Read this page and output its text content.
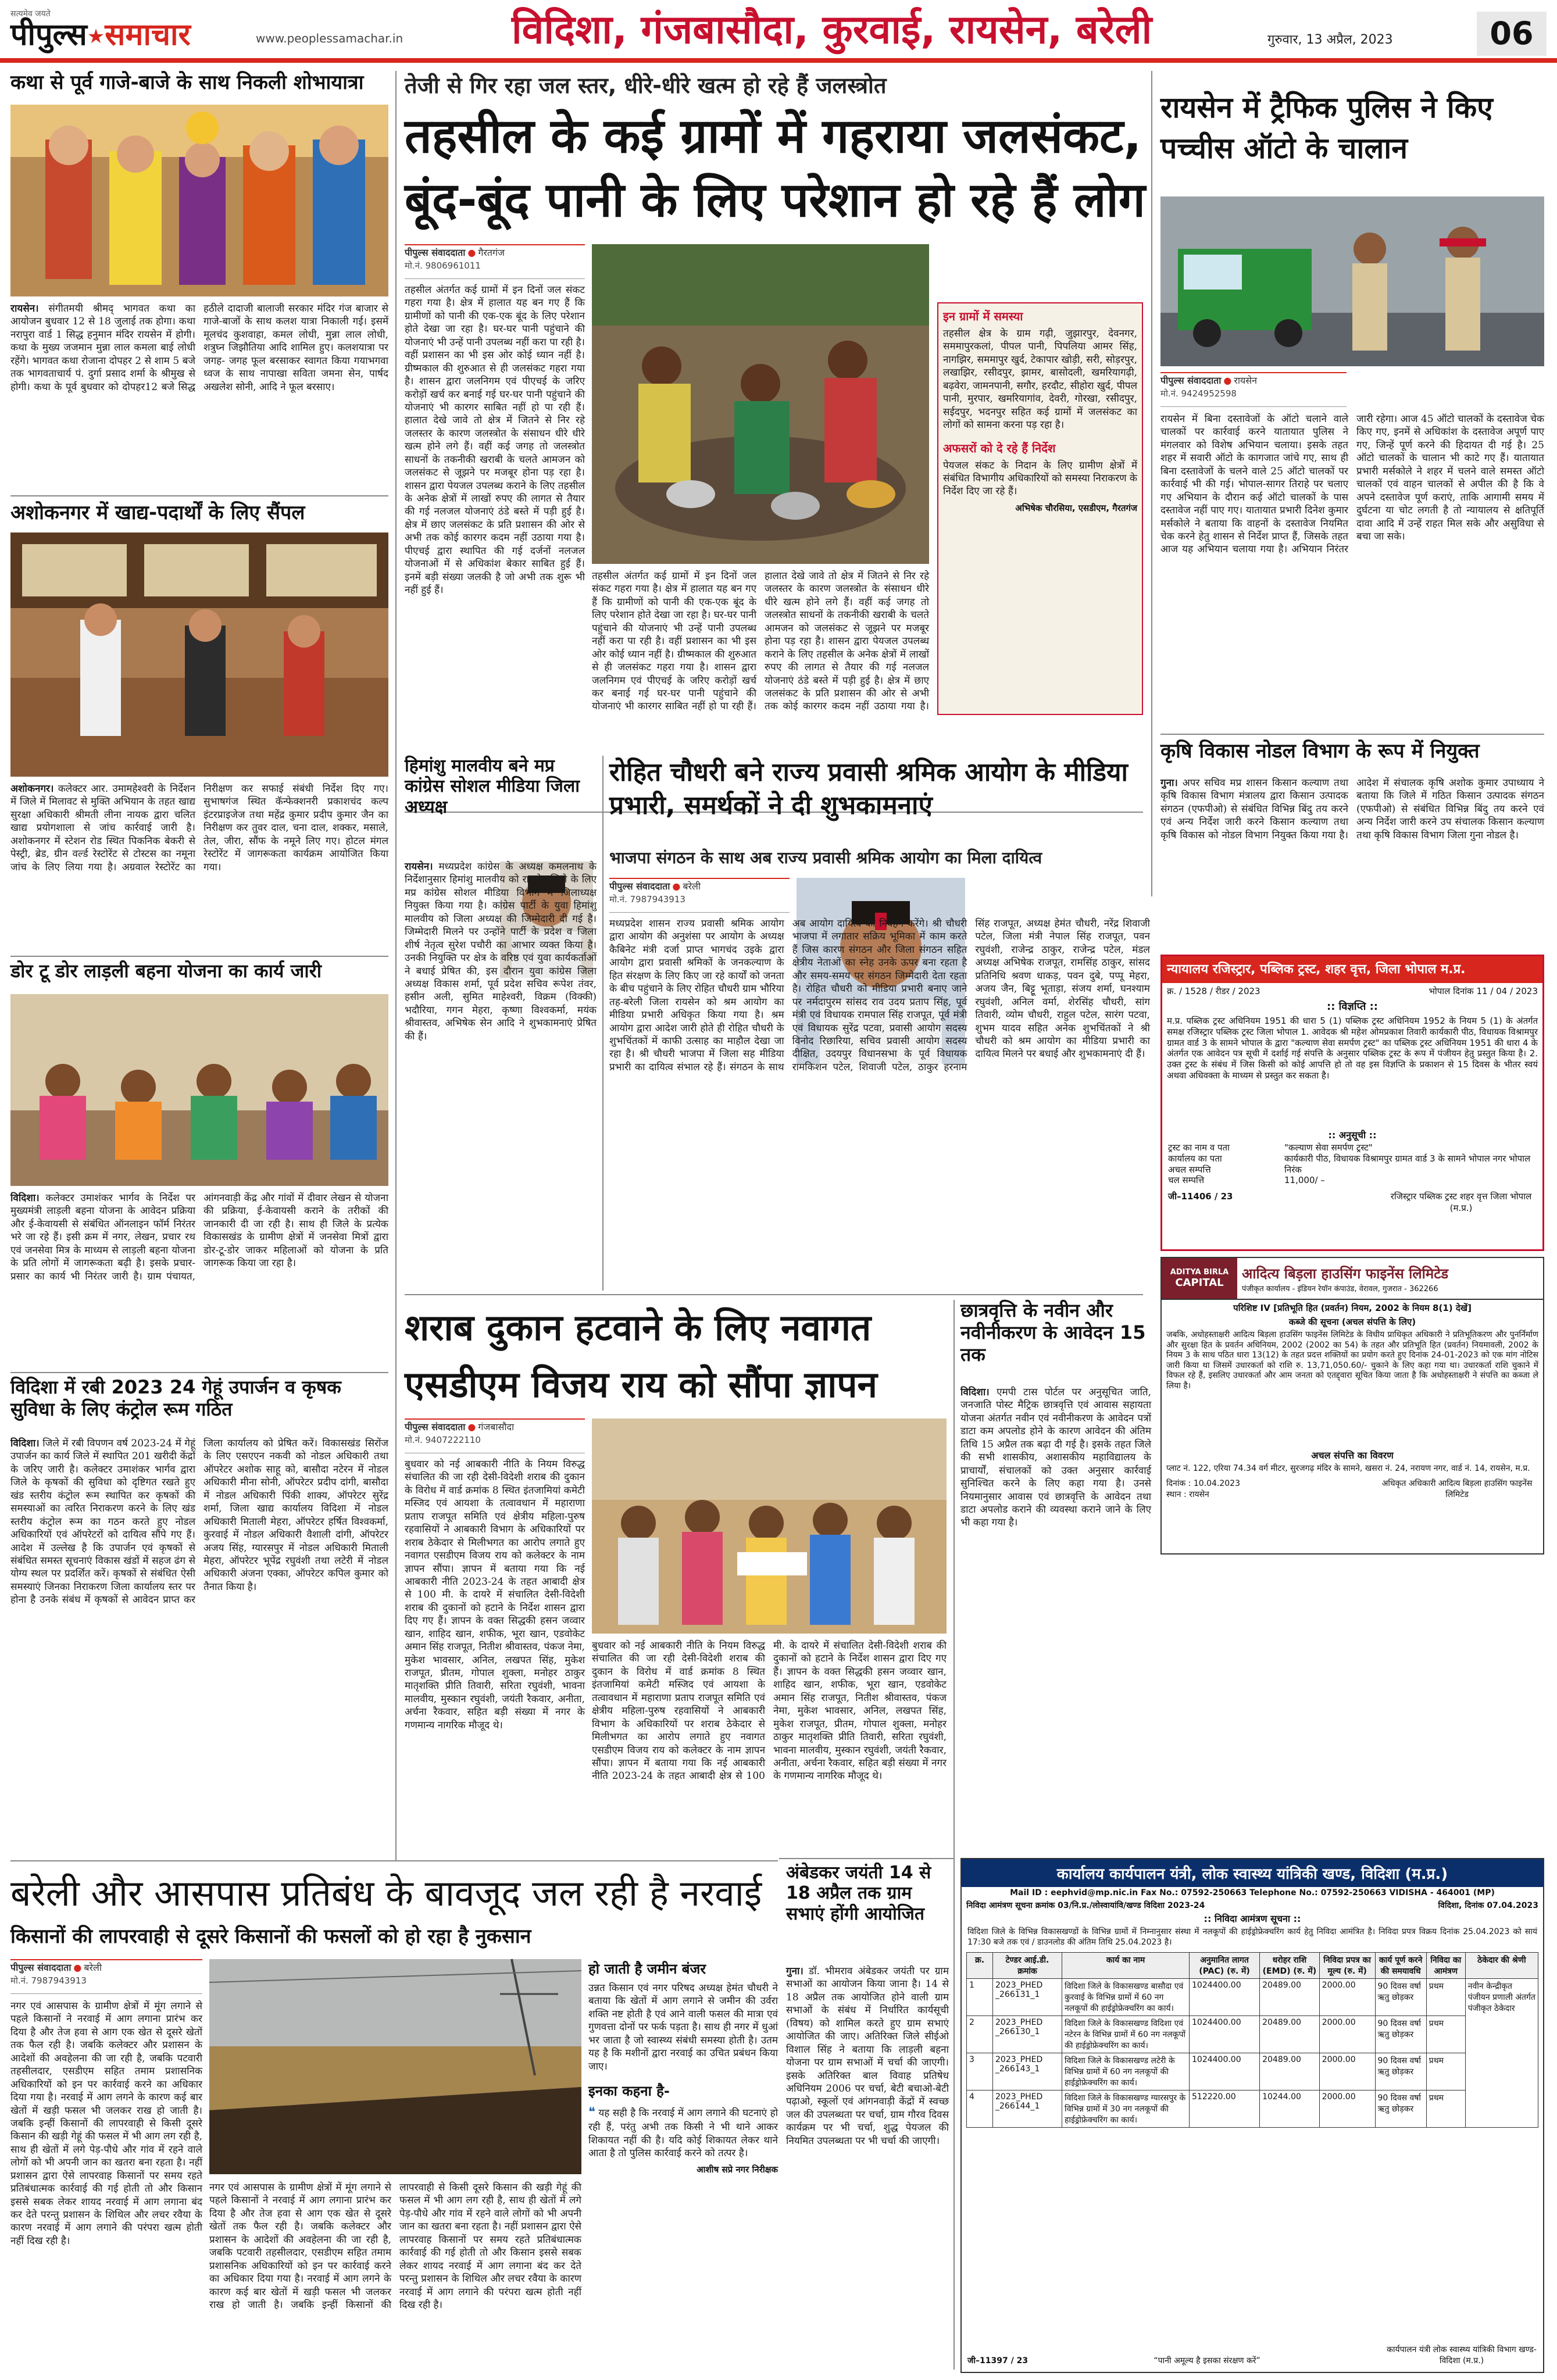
सत्यमेव जयते
पीपुल्स★समाचार	www.peoplessamachar.in	विदिशा, गंजबासौदा, कुरवाई, रायसेन, बरेली	गुरुवार, 13 अप्रैल, 2023	06
कथा से पूर्व गाजे-बाजे के साथ निकली शोभायात्रा
रायसेन। संगीतमयी श्रीमद् भागवत कथा का आयोजन बुधवार 12 से 18 जुलाई तक होगा। कथा नरापुरा वार्ड 1 सिद्ध हनुमान मंदिर रायसेन में होगी। कथा के मुख्य जजमान मुन्ना लाल कमला बाई लोधी रहेंगे। भागवत कथा रोजाना दोपहर 2 से शाम 5 बजे तक भागवताचार्य पं. दुर्गा प्रसाद शर्मा के श्रीमुख से होगी। कथा के पूर्व बुधवार को दोपहर12 बजे सिद्ध हठीले दादाजी बालाजी सरकार मंदिर गंज बाजार से गाजे-बाजों के साथ कलश यात्रा निकाली गई। इसमें मूलचंद कुशवाहा, कमल लोधी, मुन्ना लाल लोधी, शत्रुघ्न जिझौतिया आदि शामिल हुए। कलशयात्रा पर जगह- जगह फूल बरसाकर स्वागत किया गयाभगवा ध्वज के साथ नापाखा सविता जमना सेन, पार्षद अखलेश सोनी, आदि ने फूल बरसाए।
अशोकनगर में खाद्य-पदार्थों के लिए सैंपल
अशोकनगर। कलेक्टर आर. उमामहेश्वरी के निर्देशन में जिले में मिलावट से मुक्ति अभियान के तहत खाद्य सुरक्षा अधिकारी श्रीमती लीना नायक द्वारा चलित खाद्य प्रयोगशाला से जांच कार्रवाई जारी है। अशोकनगर में स्टेशन रोड स्थित पिकनिक बेकरी से पेस्ट्री, ब्रेड, ग्रीन वर्ल्ड रेस्टोरेंट से टोस्टस का नमूना जांच के लिए लिया गया है। अग्रवाल रेस्टोरेंट का निरीक्षण कर सफाई संबंधी निर्देश दिए गए। सुभाषगंज स्थित कॅन्फेक्शनरी प्रकाशचंद कल्प इंटरप्राइजेज तथा महेंद्र कुमार प्रदीप कुमार जैन का निरीक्षण कर तुवर दाल, चना दाल, शक्कर, मसाले, तेल, जीरा, सौंफ के नमूने लिए गए। होटल मंगल रेस्टोरेंट में जागरूकता कार्यक्रम आयोजित किया गया।
डोर टू डोर लाड़ली बहना योजना का कार्य जारी
विदिशा। कलेक्टर उमाशंकर भार्गव के निर्देश पर मुख्यमंत्री लाड़ली बहना योजना के आवेदन प्रक्रिया और ई-केवायसी से संबंधित ऑनलाइन फॉर्म निरंतर भरे जा रहे हैं। इसी क्रम में नगर, लेखन, प्रचार रथ एवं जनसेवा मित्र के माध्यम से लाड़ली बहना योजना के प्रति लोगों में जागरूकता बढ़ी है। इसके प्रचार-प्रसार का कार्य भी निरंतर जारी है। ग्राम पंचायत, आंगनवाड़ी केंद्र और गांवों में दीवार लेखन से योजना की प्रक्रिया, ई-केवायसी कराने के तरीकों की जानकारी दी जा रही है। साथ ही जिले के प्रत्येक विकासखंड के ग्रामीण क्षेत्रों में जनसेवा मित्रों द्वारा डोर-टू-डोर जाकर महिलाओं को योजना के प्रति जागरूक किया जा रहा है।
विदिशा में रबी 2023 24 गेहूं उपार्जन व कृषक सुविधा के लिए कंट्रोल रूम गठित
विदिशा। जिले में रबी विपणन वर्ष 2023-24 में गेहूं उपार्जन का कार्य जिले में स्थापित 201 खरीदी केंद्रों के जरिए जारी है। कलेक्टर उमाशंकर भार्गव द्वारा जिले के कृषकों की सुविधा को दृष्टिगत रखते हुए खंड स्तरीय कंट्रोल रूम स्थापित कर कृषकों की समस्याओं का त्वरित निराकरण करने के लिए खंड स्तरीय कंट्रोल रूम का गठन करते हुए नोडल अधिकारियों एवं ऑपरेटरों को दायित्व सौंपे गए हैं। आदेश में उल्लेख है कि उपार्जन एवं कृषकों से संबंधित समस्त सूचनाएं विकास खंडों में सहज ढंग से योग्य स्थल पर प्रदर्शित करें। कृषकों से संबंधित ऐसी समस्याएं जिनका निराकरण जिला कार्यालय स्तर पर होना है उनके संबंध में कृषकों से आवेदन प्राप्त कर जिला कार्यालय को प्रेषित करें। विकासखंड सिरोंज के लिए एसएएन नकवी को नोडल अधिकारी तथा ऑपरेटर अशोक साहू को, बासौदा नटेरन में नोडल अधिकारी मीना सोनी, ऑपरेटर प्रदीप दांगी, बासौदा में नोडल अधिकारी पिंकी शाक्य, ऑपरेटर सुरेंद्र शर्मा, जिला खाद्य कार्यालय विदिशा में नोडल अधिकारी मिताली मेहरा, ऑपरेटर हर्षित विश्वकर्मा, कुरवाई में नोडल अधिकारी वैशाली दांगी, ऑपरेटर अजय सिंह, ग्यारसपुर में नोडल अधिकारी मिताली मेहरा, ऑपरेटर भूपेंद्र रघुवंशी तथा लटेरी में नोडल अधिकारी अंजना एक्का, ऑपरेटर कपिल कुमार को तैनात किया है।
तेजी से गिर रहा जल स्तर, धीरे-धीरे खत्म हो रहे हैं जलस्त्रोत
तहसील के कई ग्रामों में गहराया जलसंकट,
बूंद-बूंद पानी के लिए परेशान हो रहे हैं लोग
पीपुल्स संवाददाता ● गैरतगंज
मो.नं. 9806961011
तहसील अंतर्गत कई ग्रामों में इन दिनों जल संकट गहरा गया है। क्षेत्र में हालात यह बन गए हैं कि ग्रामीणों को पानी की एक-एक बूंद के लिए परेशान होते देखा जा रहा है। घर-घर पानी पहुंचाने की योजनाएं भी उन्हें पानी उपलब्ध नहीं करा पा रही है। वहीं प्रशासन का भी इस ओर कोई ध्यान नहीं है। ग्रीष्मकाल की शुरुआत से ही जलसंकट गहरा गया है। शासन द्वारा जलनिगम एवं पीएचई के जरिए करोड़ों खर्च कर बनाई गई घर-घर पानी पहुंचाने की योजनाएं भी कारगर साबित नहीं हो पा रही हैं। हालात देखे जावे तो क्षेत्र में जितने से निर रहे जलस्तर के कारण जलस्त्रोत के संसाधन धीरे धीरे खत्म होने लगे हैं। वहीं कई जगह तो जलस्त्रोत साधनों के तकनीकी खराबी के चलते आमजन को जलसंकट से जूझने पर मजबूर होना पड़ रहा है। शासन द्वारा पेयजल उपलब्ध कराने के लिए तहसील के अनेक क्षेत्रों में लाखों रुपए की लागत से तैयार की गई नलजल योजनाएं ठंडे बस्ते में पड़ी हुई है। क्षेत्र में छाए जलसंकट के प्रति प्रशासन की ओर से अभी तक कोई कारगर कदम नहीं उठाया गया है। पीएचई द्वारा स्थापित की गई दर्जनों नलजल योजनाओं में से अधिकांश बेकार साबित हुई हैं। इनमें बड़ी संख्या जलकी है जो अभी तक शुरू भी नहीं हुई हैं।
तहसील अंतर्गत कई ग्रामों में इन दिनों जल संकट गहरा गया है। क्षेत्र में हालात यह बन गए हैं कि ग्रामीणों को पानी की एक-एक बूंद के लिए परेशान होते देखा जा रहा है। घर-घर पानी पहुंचाने की योजनाएं भी उन्हें पानी उपलब्ध नहीं करा पा रही है। वहीं प्रशासन का भी इस ओर कोई ध्यान नहीं है। ग्रीष्मकाल की शुरुआत से ही जलसंकट गहरा गया है। शासन द्वारा जलनिगम एवं पीएचई के जरिए करोड़ों खर्च कर बनाई गई घर-घर पानी पहुंचाने की योजनाएं भी कारगर साबित नहीं हो पा रही हैं। हालात देखे जावे तो क्षेत्र में जितने से निर रहे जलस्तर के कारण जलस्त्रोत के संसाधन धीरे धीरे खत्म होने लगे हैं। वहीं कई जगह तो जलस्त्रोत साधनों के तकनीकी खराबी के चलते आमजन को जलसंकट से जूझने पर मजबूर होना पड़ रहा है। शासन द्वारा पेयजल उपलब्ध कराने के लिए तहसील के अनेक क्षेत्रों में लाखों रुपए की लागत से तैयार की गई नलजल योजनाएं ठंडे बस्ते में पड़ी हुई है। क्षेत्र में छाए जलसंकट के प्रति प्रशासन की ओर से अभी तक कोई कारगर कदम नहीं उठाया गया है।
इन ग्रामों में समस्या
तहसील क्षेत्र के ग्राम गढ़ी, जुझारपुर, देवनगर, सममापुरकलां, पीपल पानी, पिपलिया आमर सिंह, नागझिर, सममापुर खुर्द, टेकापार खोड़ी, सरी, सोड़रपुर, लखाझिर, रसीदपुर, झामर, बासोदली, खमरियागढ़ी, बढ़वेरा, जामनपानी, सगौर, हरदौट, सीहोरा खुर्द, पीपल पानी, मुरपार, खमरियागांव, देवरी, गोरखा, रसीदपुर, सईदपुर, भदनपुर सहित कई ग्रामों में जलसंकट का लोगों को सामना करना पड़ रहा है।
अफसरों को दे रहे हैं निर्देश
पेयजल संकट के निदान के लिए ग्रामीण क्षेत्रों में संबंधित विभागीय अधिकारियों को समस्या निराकरण के निर्देश दिए जा रहे हैं।
अभिषेक चौरसिया, एसडीएम, गैरतगंज
रायसेन में ट्रैफिक पुलिस ने किए पच्चीस ऑटो के चालान
पीपुल्स संवाददाता ● रायसेन
मो.नं. 9424952598
रायसेन में बिना दस्तावेजों के ऑटो चलाने वाले चालकों पर कार्रवाई करने यातायात पुलिस ने मंगलवार को विशेष अभियान चलाया। इसके तहत शहर में सवारी ऑटो के कागजात जांचे गए, साथ ही बिना दस्तावेजों के चलने वाले 25 ऑटो चालकों पर कार्रवाई भी की गई। भोपाल-सागर तिराहे पर चलाए गए अभियान के दौरान कई ऑटो चालकों के पास दस्तावेज नहीं पाए गए। यातायात प्रभारी दिनेश कुमार मर्सकोले ने बताया कि वाहनों के दस्तावेज नियमित चेक करने हेतु शासन से निर्देश प्राप्त हैं, जिसके तहत आज यह अभियान चलाया गया है। अभियान निरंतर जारी रहेगा। आज 45 ऑटो चालकों के दस्तावेज चेक किए गए, इनमें से अधिकांश के दस्तावेज अपूर्ण पाए गए, जिन्हें पूर्ण करने की हिदायत दी गई है। 25 ऑटो चालकों के चालान भी काटे गए हैं। यातायात प्रभारी मर्सकोले ने शहर में चलने वाले समस्त ऑटो चालकों एवं वाहन चालकों से अपील की है कि वे अपने दस्तावेज पूर्ण कराएं, ताकि आगामी समय में दुर्घटना या चोट लगती है तो न्यायालय से क्षतिपूर्ति दावा आदि में उन्हें राहत मिल सके और असुविधा से बचा जा सके।
कृषि विकास नोडल विभाग के रूप में नियुक्त
गुना। अपर सचिव मप्र शासन किसान कल्याण तथा कृषि विकास विभाग मंत्रालय द्वारा किसान उत्पादक संगठन (एफपीओ) से संबंधित विभिन्न बिंदु तय करने एवं अन्य निर्देश जारी करने किसान कल्याण तथा कृषि विकास को नोडल विभाग नियुक्त किया गया है। आदेश में संचालक कृषि अशोक कुमार उपाध्याय ने बताया कि जिले में गठित किसान उत्पादक संगठन (एफपीओ) से संबंधित विभिन्न बिंदु तय करने एवं अन्य निर्देश जारी करने उप संचालक किसान कल्याण तथा कृषि विकास विभाग जिला गुना नोडल है।
न्यायालय रजिस्ट्रार, पब्लिक ट्रस्ट, शहर वृत्त, जिला भोपाल म.प्र.
क्र. / 1528 / रीडर / 2023	भोपाल दिनांक 11 / 04 / 2023
:: विज्ञप्ति ::
म.प्र. पब्लिक ट्रस्ट अधिनियम 1951 की धारा 5 (1) पब्लिक ट्रस्ट अधिनियम 1952 के नियम 5 (1) के अंतर्गत समक्ष रजिस्ट्रार पब्लिक ट्रस्ट जिला भोपाल 1. आवेदक श्री महेश ओमप्रकाश तिवारी कार्यकारी पीठ, विधायक विश्रामपुर ग्रामत वार्ड 3 के सामने भोपाल के द्वारा "कल्याण सेवा समर्पण ट्रस्ट" का पब्लिक ट्रस्ट अधिनियम 1951 की धारा 4 के अंतर्गत एक आवेदन पत्र सूची में दर्शाई गई संपत्ति के अनुसार पब्लिक ट्रस्ट के रूप में पंजीयन हेतु प्रस्तुत किया है। 2. उक्त ट्रस्ट के संबंध में जिस किसी को कोई आपत्ति हो तो वह इस विज्ञप्ति के प्रकाशन से 15 दिवस के भीतर स्वयं अथवा अधिवक्ता के माध्यम से प्रस्तुत कर सकता है।
:: अनुसूची ::
ट्रस्ट का नाम व पता	"कल्याण सेवा समर्पण ट्रस्ट"
कार्यालय का पता	कार्यकारी पीठ, विधायक विश्रामपुर ग्रामत वार्ड 3 के सामने भोपाल नगर भोपाल
अचल सम्पत्ति	निरंक
चल सम्पत्ति	11,000/ –
जी–11406 / 23	रजिस्ट्रार पब्लिक ट्रस्ट शहर वृत्त जिला भोपाल (म.प्र.)
ADITYA BIRLA
CAPITAL
आदित्य बिड़ला हाउसिंग फाइनेंस लिमिटेड
पंजीकृत कार्यालय - इंडियन रेयॉन कंपाउंड, वेरावल, गुजरात - 362266
परिशिष्ट IV [प्रतिभूति हित (प्रवर्तन) नियम, 2002 के नियम 8(1) देखें]
कब्जे की सूचना (अचल संपत्ति के लिए)
जबकि, अधोहस्ताक्षरी आदित्य बिड़ला हाउसिंग फाइनेंस लिमिटेड के विधीय प्राधिकृत अधिकारी ने प्रतिभूतिकरण और पुनर्निर्माण और सुरक्षा हित के प्रवर्तन अधिनियम, 2002 (2002 का 54) के तहत और प्रतिभूति हित (प्रवर्तन) नियमावली, 2002 के नियम 3 के साथ पठित धारा 13(12) के तहत प्रदत्त शक्तियों का प्रयोग करते हुए दिनांक 24-01-2023 को एक मांग नोटिस जारी किया था जिसमें उधारकर्ता को राशि रु. 13,71,050.60/- चुकाने के लिए कहा गया था। उधारकर्ता राशि चुकाने में विफल रहे हैं, इसलिए उधारकर्ता और आम जनता को एतद्द्वारा सूचित किया जाता है कि अधोहस्ताक्षरी ने संपत्ति का कब्जा ले लिया है।
अचल संपत्ति का विवरण
प्लाट नं. 122, एरिया 74.34 वर्ग मीटर, सुरजगढ़ मंदिर के सामने, खसरा नं. 24, नरायण नगर, वार्ड नं. 14, रायसेन, म.प्र.
दिनांक : 10.04.2023
स्थान : रायसेन
अधिकृत अधिकारी आदित्य बिड़ला हाउसिंग फाइनेंस लिमिटेड
हिमांशु मालवीय बने मप्र कांग्रेस सोशल मीडिया जिला अध्यक्ष
रायसेन। मध्यप्रदेश कांग्रेस के अध्यक्ष कमलनाथ के निर्देशानुसार हिमांशु मालवीय को रायसेन जिले के लिए मप्र कांग्रेस सोशल मीडिया विभाग में जिलाध्यक्ष नियुक्त किया गया है। कांग्रेस पार्टी के युवा हिमांशु मालवीय को जिला अध्यक्ष की जिम्मेदारी दी गई है। जिम्मेदारी मिलने पर उन्होंने पार्टी के प्रदेश व जिला शीर्ष नेतृत्व सुरेश पचौरी का आभार व्यक्त किया है। उनकी नियुक्ति पर क्षेत्र के वरिष्ठ एवं युवा कार्यकर्ताओं ने बधाई प्रेषित की, इस दौरान युवा कांग्रेस जिला अध्यक्ष विकास शर्मा, पूर्व प्रदेश सचिव रूपेश तंवर, हसीन अली, सुमित माहेश्वरी, विक्रम (विक्की) भदौरिया, गगन मेहरा, कृष्णा विश्वकर्मा, मयंक श्रीवास्तव, अभिषेक सेन आदि ने शुभकामनाएं प्रेषित की हैं।
रोहित चौधरी बने राज्य प्रवासी श्रमिक आयोग के मीडिया प्रभारी, समर्थकों ने दी शुभकामनाएं
भाजपा संगठन के साथ अब राज्य प्रवासी श्रमिक आयोग का मिला दायित्व
पीपुल्स संवाददाता ● बरेली
मो.नं. 7987943913
मध्यप्रदेश शासन राज्य प्रवासी श्रमिक आयोग द्वारा आयोग की अनुशंसा पर आयोग के अध्यक्ष कैबिनेट मंत्री दर्जा प्राप्त भागचंद उइके द्वारा आयोग द्वारा प्रवासी श्रमिकों के जनकल्याण के हित संरक्षण के लिए किए जा रहे कार्यों को जनता के बीच पहुंचाने के लिए रोहित चौधरी ग्राम भौरिया तह-बरेली जिला रायसेन को श्रम आयोग का मीडिया प्रभारी अधिकृत किया गया है। श्रम आयोग द्वारा आदेश जारी होते ही रोहित चौधरी के शुभचिंतकों में काफी उत्साह का माहौल देखा जा रहा है। श्री चौधरी भाजपा में जिला सह मीडिया प्रभारी का दायित्व संभाल रहे हैं। संगठन के साथ अब आयोग दायित्व का निर्वहन करेंगे। श्री चौधरी भाजपा में लगातार सक्रिय भूमिका में काम करते हैं जिस कारण संगठन और जिला संगठन सहित क्षेत्रीय नेताओं का स्नेह उनके ऊपर बना रहता है और समय-समय पर संगठन जिम्मेदारी देता रहता है। रोहित चौधरी को मीडिया प्रभारी बनाए जाने पर नर्मदापुरम सांसद राव उदय प्रताप सिंह, पूर्व मंत्री एवं विधायक रामपाल सिंह राजपूत, पूर्व मंत्री एवं विधायक सुरेंद्र पटवा, प्रवासी आयोग सदस्य विनोद रिछारिया, सचिव प्रवासी आयोग सदस्य दीक्षित, उदयपुर विधानसभा के पूर्व विधायक रामकिशन पटेल, शिवाजी पटेल, ठाकुर हरनाम सिंह राजपूत, अध्यक्ष हेमंत चौधरी, नरेंद्र शिवाजी पटेल, जिला मंत्री नेपाल सिंह राजपूत, पवन रघुवंशी, राजेन्द्र ठाकुर, राजेन्द्र पटेल, मंडल अध्यक्ष अभिषेक राजपूत, रामसिंह ठाकुर, सांसद प्रतिनिधि श्रवण धाकड़, पवन दुबे, पप्पू मेहरा, अजय जैन, बिट्टू भूताड़ा, संजय शर्मा, घनश्याम रघुवंशी, अनिल वर्मा, शेरसिंह चौधरी, सांग तिवारी, व्योम चौधरी, राहुल पटेल, सारंग पटवा, शुभम यादव सहित अनेक शुभचिंतकों ने श्री चौधरी को श्रम आयोग का मीडिया प्रभारी का दायित्व मिलने पर बधाई और शुभकामनाएं दी हैं।
शराब दुकान हटवाने के लिए नवागत
एसडीएम विजय राय को सौंपा ज्ञापन
पीपुल्स संवाददाता ● गंजबासौदा
मो.नं. 9407222110
बुधवार को नई आबकारी नीति के नियम विरुद्ध संचालित की जा रही देसी-विदेशी शराब की दुकान के विरोध में वार्ड क्रमांक 8 स्थित इंतजामियां कमेटी मस्जिद एवं आयशा के तत्वावधान में महाराणा प्रताप राजपूत समिति एवं क्षेत्रीय महिला-पुरुष रहवासियों ने आबकारी विभाग के अधिकारियों पर शराब ठेकेदार से मिलीभगत का आरोप लगाते हुए नवागत एसडीएम विजय राय को कलेक्टर के नाम ज्ञापन सौंपा। ज्ञापन में बताया गया कि नई आबकारी नीति 2023-24 के तहत आबादी क्षेत्र से 100 मी. के दायरे में संचालित देसी-विदेशी शराब की दुकानों को हटाने के निर्देश शासन द्वारा दिए गए हैं। ज्ञापन के वक्त सिद्धकी हसन जव्वार खान, शाहिद खान, शफीक, भूरा खान, एडवोकेट अमान सिंह राजपूत, नितीश श्रीवास्तव, पंकज नेमा, मुकेश भावसार, अनिल, लखपत सिंह, मुकेश राजपूत, प्रीतम, गोपाल शुक्ला, मनोहर ठाकुर मातृशक्ति प्रीति तिवारी, सरिता रघुवंशी, भावना मालवीय, मुस्कान रघुवंशी, जयंती रैकवार, अनीता, अर्चना रैकवार, सहित बड़ी संख्या में नगर के गणमान्य नागरिक मौजूद थे।
बुधवार को नई आबकारी नीति के नियम विरुद्ध संचालित की जा रही देसी-विदेशी शराब की दुकान के विरोध में वार्ड क्रमांक 8 स्थित इंतजामियां कमेटी मस्जिद एवं आयशा के तत्वावधान में महाराणा प्रताप राजपूत समिति एवं क्षेत्रीय महिला-पुरुष रहवासियों ने आबकारी विभाग के अधिकारियों पर शराब ठेकेदार से मिलीभगत का आरोप लगाते हुए नवागत एसडीएम विजय राय को कलेक्टर के नाम ज्ञापन सौंपा। ज्ञापन में बताया गया कि नई आबकारी नीति 2023-24 के तहत आबादी क्षेत्र से 100 मी. के दायरे में संचालित देसी-विदेशी शराब की दुकानों को हटाने के निर्देश शासन द्वारा दिए गए हैं। ज्ञापन के वक्त सिद्धकी हसन जव्वार खान, शाहिद खान, शफीक, भूरा खान, एडवोकेट अमान सिंह राजपूत, नितीश श्रीवास्तव, पंकज नेमा, मुकेश भावसार, अनिल, लखपत सिंह, मुकेश राजपूत, प्रीतम, गोपाल शुक्ला, मनोहर ठाकुर मातृशक्ति प्रीति तिवारी, सरिता रघुवंशी, भावना मालवीय, मुस्कान रघुवंशी, जयंती रैकवार, अनीता, अर्चना रैकवार, सहित बड़ी संख्या में नगर के गणमान्य नागरिक मौजूद थे।
छात्रवृत्ति के नवीन और नवीनीकरण के आवेदन 15 तक
विदिशा। एमपी टास पोर्टल पर अनुसूचित जाति, जनजाति पोस्ट मैट्रिक छात्रवृत्ति एवं आवास सहायता योजना अंतर्गत नवीन एवं नवीनीकरण के आवेदन पत्रों डाटा कम अपलोड होने के कारण आवेदन की अंतिम तिथि 15 अप्रैल तक बढ़ा दी गई है। इसके तहत जिले की सभी शासकीय, अशासकीय महाविद्यालय के प्राचार्यों, संचालकों को उक्त अनुसार कार्रवाई सुनिश्चित करने के लिए कहा गया है। उनसे नियमानुसार आवास एवं छात्रवृत्ति के आवेदन तथा डाटा अपलोड कराने की व्यवस्था कराने जाने के लिए भी कहा गया है।
अंबेडकर जयंती 14 से 18 अप्रैल तक ग्राम सभाएं होंगी आयोजित
गुना। डॉ. भीमराव अंबेडकर जयंती पर ग्राम सभाओं का आयोजन किया जाना है। 14 से 18 अप्रैल तक आयोजित होने वाली ग्राम सभाओं के संबंध में निर्धारित कार्यसूची (विषय) को शामिल करते हुए ग्राम सभाएं आयोजित की जाए। अतिरिक्त जिले सीईओ विशाल सिंह ने बताया कि लाड़ली बहना योजना पर ग्राम सभाओं में चर्चा की जाएगी। इसके अतिरिक्त बाल विवाह प्रतिषेध अधिनियम 2006 पर चर्चा, बेटी बचाओ-बेटी पढ़ाओ, स्कूलों एवं आंगनवाड़ी केंद्रों में स्वच्छ जल की उपलब्धता पर चर्चा, ग्राम गौरव दिवस कार्यक्रम पर भी चर्चा, शुद्ध पेयजल की नियमित उपलब्धता पर भी चर्चा की जाएगी।
बरेली और आसपास प्रतिबंध के बावजूद जल रही है नरवाई
किसानों की लापरवाही से दूसरे किसानों की फसलों को हो रहा है नुकसान
पीपुल्स संवाददाता ● बरेली
मो.नं. 7987943913
नगर एवं आसपास के ग्रामीण क्षेत्रों में मूंग लगाने से पहले किसानों ने नरवाई में आग लगाना प्रारंभ कर दिया है और तेज हवा से आग एक खेत से दूसरे खेतों तक फैल रही है। जबकि कलेक्टर और प्रशासन के आदेशों की अवहेलना की जा रही है, जबकि पटवारी तहसीलदार, एसडीएम सहित तमाम प्रशासनिक अधिकारियों को इन पर कार्रवाई करने का अधिकार दिया गया है। नरवाई में आग लगने के कारण कई बार खेतों में खड़ी फसल भी जलकर राख हो जाती है। जबकि इन्हीं किसानों की लापरवाही से किसी दूसरे किसान की खड़ी गेहूं की फसल में भी आग लग रही है, साथ ही खेतों में लगे पेड़-पौधे और गांव में रहने वाले लोगों को भी अपनी जान का खतरा बना रहता है। नहीं प्रशासन द्वारा ऐसे लापरवाह किसानों पर समय रहते प्रतिबंधात्मक कार्रवाई की गई होती तो और किसान इससे सबक लेकर शायद नरवाई में आग लगाना बंद कर देते परन्तु प्रशासन के शिथिल और लचर रवैया के कारण नरवाई में आग लगाने की परंपरा खत्म होती नहीं दिख रही है।
नगर एवं आसपास के ग्रामीण क्षेत्रों में मूंग लगाने से पहले किसानों ने नरवाई में आग लगाना प्रारंभ कर दिया है और तेज हवा से आग एक खेत से दूसरे खेतों तक फैल रही है। जबकि कलेक्टर और प्रशासन के आदेशों की अवहेलना की जा रही है, जबकि पटवारी तहसीलदार, एसडीएम सहित तमाम प्रशासनिक अधिकारियों को इन पर कार्रवाई करने का अधिकार दिया गया है। नरवाई में आग लगने के कारण कई बार खेतों में खड़ी फसल भी जलकर राख हो जाती है। जबकि इन्हीं किसानों की लापरवाही से किसी दूसरे किसान की खड़ी गेहूं की फसल में भी आग लग रही है, साथ ही खेतों में लगे पेड़-पौधे और गांव में रहने वाले लोगों को भी अपनी जान का खतरा बना रहता है। नहीं प्रशासन द्वारा ऐसे लापरवाह किसानों पर समय रहते प्रतिबंधात्मक कार्रवाई की गई होती तो और किसान इससे सबक लेकर शायद नरवाई में आग लगाना बंद कर देते परन्तु प्रशासन के शिथिल और लचर रवैया के कारण नरवाई में आग लगाने की परंपरा खत्म होती नहीं दिख रही है।
हो जाती है जमीन बंजर
उन्नत किसान एवं नगर परिषद अध्यक्ष हेमंत चौधरी ने बताया कि खेतों में आग लगाने से जमीन की उर्वरा शक्ति नष्ट होती है एवं आने वाली फसल की मात्रा एवं गुणवत्ता दोनों पर फर्क पड़ता है। साथ ही नगर में धुआं भर जाता है जो स्वास्थ्य संबंधी समस्या होती है। उतम यह है कि मशीनों द्वारा नरवाई का उचित प्रबंधन किया जाए।
इनका कहना है-
❝ यह सही है कि नरवाई में आग लगाने की घटनाएं हो रही हैं, परंतु अभी तक किसी ने भी थाने आकर शिकायत नहीं की है। यदि कोई शिकायत लेकर थाने आता है तो पुलिस कार्रवाई करने को तत्पर है।
आशीष सप्रे नगर निरीक्षक
कार्यालय कार्यपालन यंत्री, लोक स्वास्थ्य यांत्रिकी खण्ड, विदिशा (म.प्र.)
Mail ID : eephvid@mp.nic.in Fax No.: 07592-250663 Telephone No.: 07592-250663 VIDISHA - 464001 (MP)
निविदा आमंत्रण सूचना क्रमांक 03/नि.प्र./लोस्वायांवि/खण्ड विदिशा 2023-24	विदिशा, दिनांक 07.04.2023
:: निविदा आमंत्रण सूचना ::
विदिशा जिले के विभिन्न विकासखण्डों के विभिन्न ग्रामों में निम्नानुसार संस्था में नलकूपों की हाईड्रोफ्रेक्चरिंग कार्य हेतु निविदा आमंत्रित है। निविदा प्रपत्र विक्रय दिनांक 25.04.2023 को सायं 17:30 बजे तक एवं / डाउनलोड की अंतिम तिथि 25.04.2023 है।
क्र.	टेण्डर आई.डी. क्रमांक	कार्य का नाम	अनुमानित लागत (PAC) (रु. में)	धरोहर राशि (EMD) (रु. में)	निविदा प्रपत्र का मूल्य (रु. में)	कार्य पूर्ण करने की समयावधि	निविदा का आमंत्रण	ठेकेदार की श्रेणी
1	2023_PHED _266131_1	विदिशा जिले के विकासखण्ड बासौदा एवं कुरवाई के विभिन्न ग्रामों में 60 नग नलकूपों की हाईड्रोफ्रेक्चरिंग का कार्य।	1024400.00	20489.00	2000.00	90 दिवस वर्षा ऋतु छोड़कर	प्रथम	नवीन केन्द्रीकृत पंजीयन प्रणाली अंतर्गत पंजीकृत ठेकेदार
2	2023_PHED _266130_1	विदिशा जिले के विकासखण्ड विदिशा एवं नटेरन के विभिन्न ग्रामों में 60 नग नलकूपों की हाईड्रोफ्रेक्चरिंग का कार्य।	1024400.00	20489.00	2000.00	90 दिवस वर्षा ऋतु छोड़कर	प्रथम	
3	2023_PHED _266143_1	विदिशा जिले के विकासखण्ड लटेरी के विभिन्न ग्रामों में 60 नग नलकूपों की हाईड्रोफ्रेक्चरिंग का कार्य।	1024400.00	20489.00	2000.00	90 दिवस वर्षा ऋतु छोड़कर	प्रथम	
4	2023_PHED _266144_1	विदिशा जिले के विकासखण्ड ग्यारसपुर के विभिन्न ग्रामों में 30 नग नलकूपों की हाईड्रोफ्रेक्चरिंग का कार्य।	512220.00	10244.00	2000.00	90 दिवस वर्षा ऋतु छोड़कर	प्रथम	
जी–11397 / 23	“पानी अमूल्य है इसका संरक्षण करें”
कार्यपालन यंत्री लोक स्वास्थ्य यांत्रिकी विभाग खण्ड-विदिशा (म.प्र.)
